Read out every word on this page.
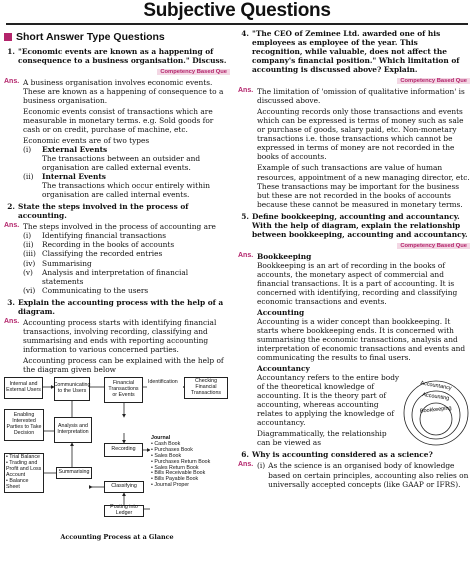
Subjective Questions
Short Answer Type Questions
1. "Economic events are known as a happening of consequence to a business organisation." Discuss.
Competency Based Que
Ans. A business organisation involves economic events. These are known as a happening of consequence to a business organisation.
Economic events consist of transactions which are measurable in monetary terms. e.g. Sold goods for cash or on credit, purchase of machine, etc.
Economic events are of two types
(i)	External Events
The transactions between an outsider and organisation are called external events.
(ii)	Internal Events
The transactions which occur entirely within organisation are called internal events.
2. State the steps involved in the process of accounting.
Ans. The steps involved in the process of accounting are
(i)	Identifying financial transactions
(ii)	Recording in the books of accounts
(iii) Classifying the recorded entries
(iv) Summarising
(v)	Analysis and interpretation of financial statements
(vi) Communicating to the users
3. Explain the accounting process with the help of a diagram.
Ans. Accounting process starts with identifying financial transactions, involving recording, classifying and summarising and ends with reporting accounting information to various concerned parties.
Accounting process can be explained with the help of the diagram given below
Internal and External Users
Communicating to the Users
Financial Transactions or Events
Checking Financial Transactions
Identification
Enabling Interested Parties to Take Decision
Analysis and Interpretation
Recording
Journal
• Cash Book
• Purchases Book
• Sales Book
• Purchases Return Book
• Sales Return Book
• Bills Receivable Book
• Bills Payable Book
• Journal Proper
• Trial Balance
• Trading and Profit and Loss Account
• Balance Sheet
Summarising
Classifying
Posting into Ledger
Accounting Process at a Glance
4. "The CEO of Zeminee Ltd. awarded one of his employees as employee of the year. This recognition, while valuable, does not affect the company's financial position." Which limitation of accounting is discussed above? Explain.
Competency Based Que
Ans. The limitation of 'omission of qualitative information' is discussed above.
Accounting records only those transactions and events which can be expressed is terms of money such as sale or purchase of goods, salary paid, etc. Non-monetary transactions i.e. those transactions which cannot be expressed in terms of money are not recorded in the books of accounts.
Example of such transactions are value of human resources, appointment of a new managing director, etc. These transactions may be important for the business but these are not recorded in the books of accounts because these cannot be measured in monetary terms.
5. Define bookkeeping, accounting and accountancy. With the help of diagram, explain the relationship between bookkeeping, accounting and accountancy.
Competency Based Que
Ans. Bookkeeping
Bookkeeping is an art of recording in the books of accounts, the monetary aspect of commercial and financial transactions. It is a part of accounting. It is concerned with identifying, recording and classifying economic transactions and events.
Accounting
Accounting is a wider concept than bookkeeping. It starts where bookkeeping ends. It is concerned with summarising the economic transactions, analysis and interpretation of economic transactions and events and communicating the results to final users.
Accountancy
Accountancy refers to the entire body of the theoretical knowledge of accounting. It is the theory part of accounting, whereas accounting relates to applying the knowledge of accountancy.
Diagrammatically, the relationship can be viewed as
Accountancy
Accounting
Bookkeeping
6. Why is accounting considered as a science?
Ans. (i) As the science is an organised body of knowledge based on certain principles, accounting also relies on universally accepted concepts (like GAAP or IFRS).
